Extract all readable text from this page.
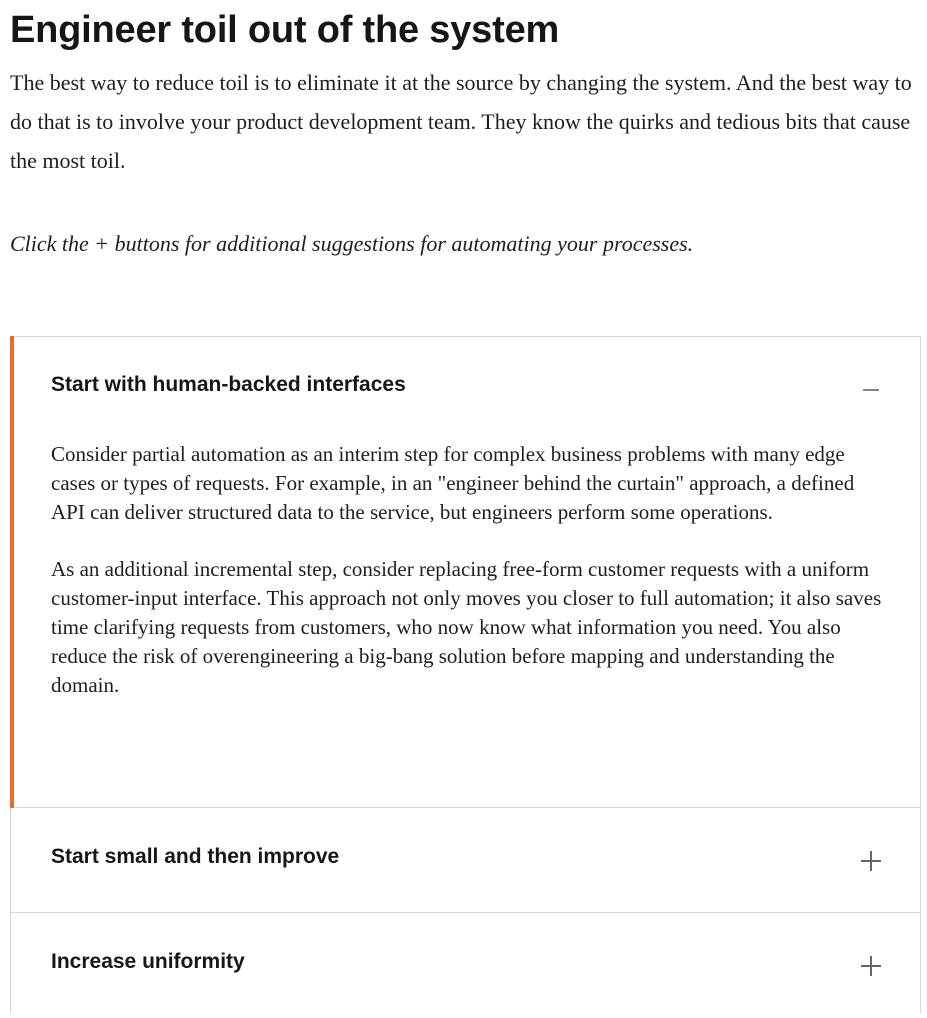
Engineer toil out of the system

The best way to reduce toil is to eliminate it at the source by changing the system. And the best way to do that is to involve your product development team. They know the quirks and tedious bits that cause the most toil.

Click the + buttons for additional suggestions for automating your processes.

Start with human-backed interfaces

Consider partial automation as an interim step for complex business problems with many edge cases or types of requests. For example, in an "engineer behind the curtain" approach, a defined API can deliver structured data to the service, but engineers perform some operations.

As an additional incremental step, consider replacing free-form customer requests with a uniform customer-input interface. This approach not only moves you closer to full automation; it also saves time clarifying requests from customers, who now know what information you need. You also reduce the risk of overengineering a big-bang solution before mapping and understanding the domain.

Start small and then improve
Increase uniformity
